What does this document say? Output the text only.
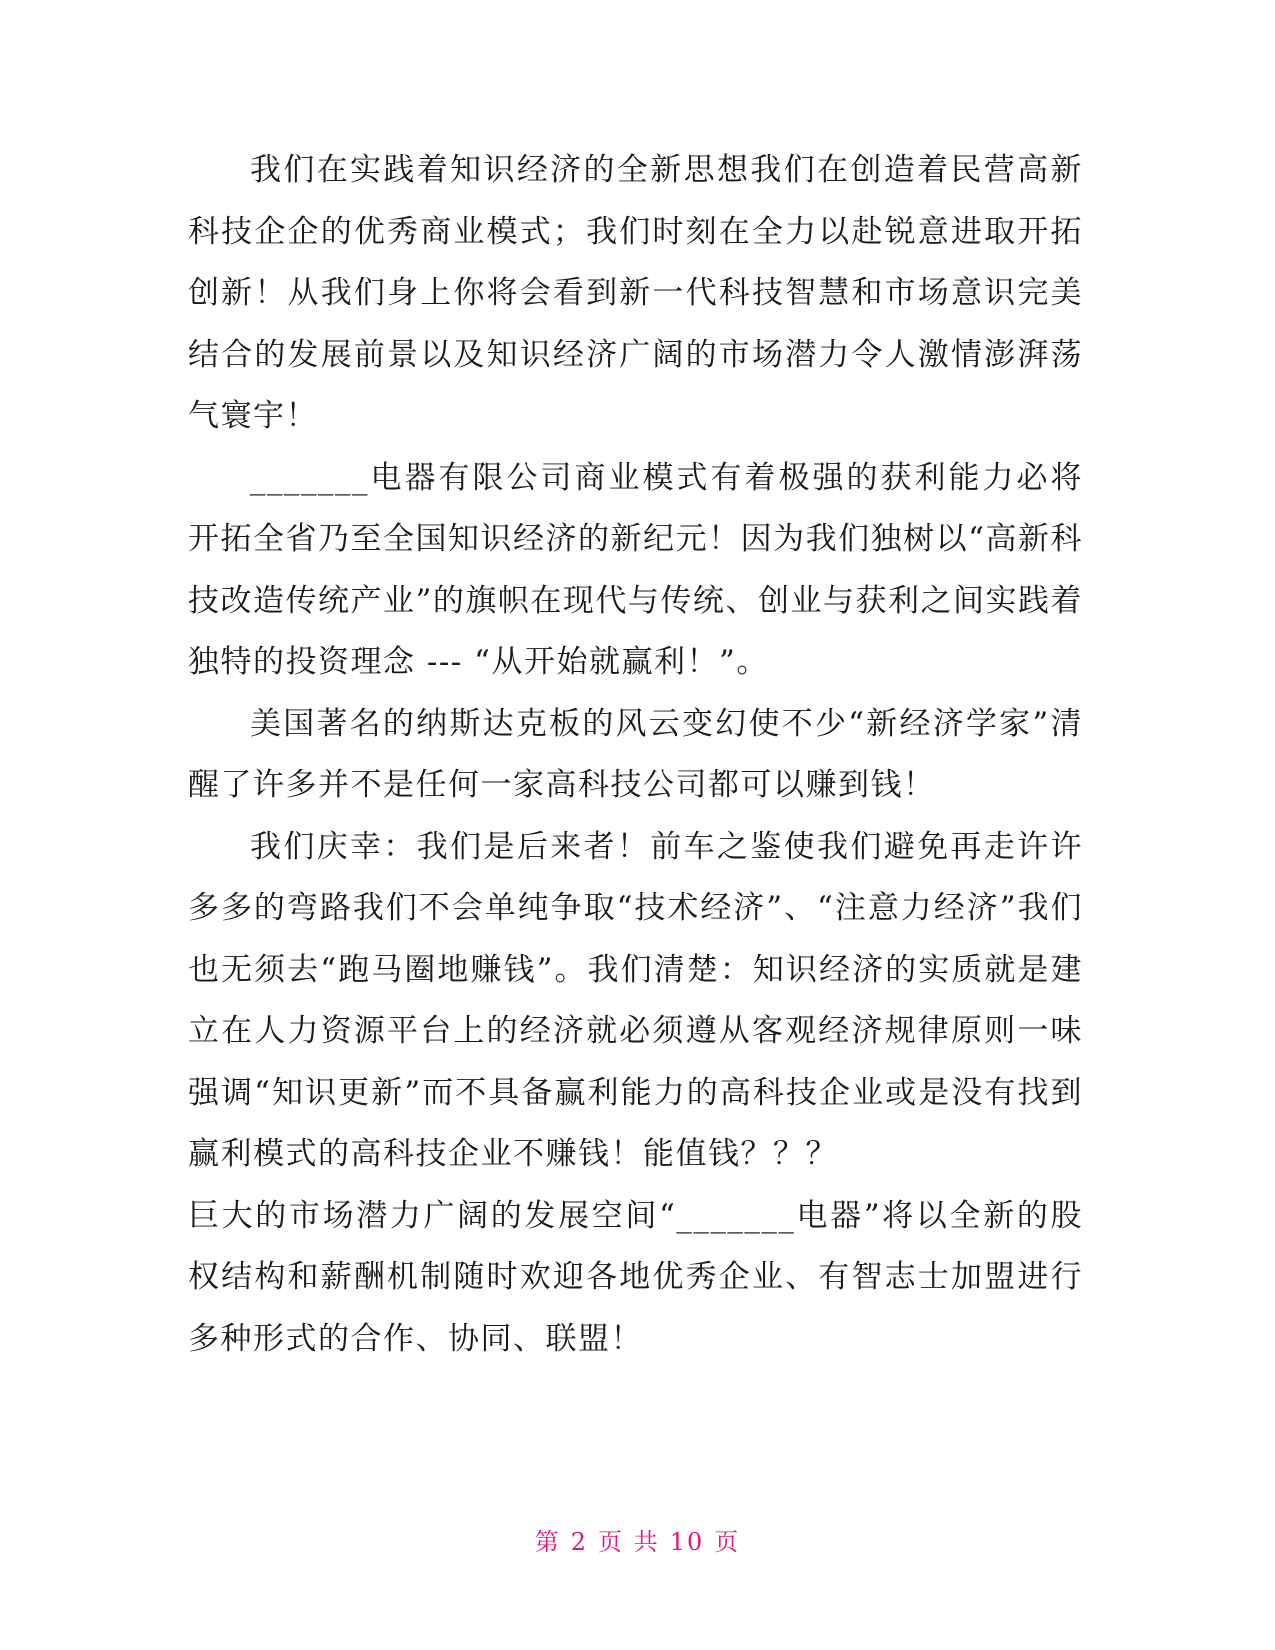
我们在实践着知识经济的全新思想我们在创造着民营高新科技企企的优秀商业模式；我们时刻在全力以赴锐意进取开拓创新！从我们身上你将会看到新一代科技智慧和市场意识完美结合的发展前景以及知识经济广阔的市场潜力令人激情澎湃荡气寰宇！

_______电器有限公司商业模式有着极强的获利能力必将开拓全省乃至全国知识经济的新纪元！因为我们独树以“高新科技改造传统产业”的旗帜在现代与传统、创业与获利之间实践着独特的投资理念 --- “从开始就赢利！”。

美国著名的纳斯达克板的风云变幻使不少“新经济学家”清醒了许多并不是任何一家高科技公司都可以赚到钱！

我们庆幸：我们是后来者！前车之鉴使我们避免再走许许多多的弯路我们不会单纯争取“技术经济”、“注意力经济”我们也无须去“跑马圈地赚钱”。我们清楚：知识经济的实质就是建立在人力资源平台上的经济就必须遵从客观经济规律原则一味强调“知识更新”而不具备赢利能力的高科技企业或是没有找到赢利模式的高科技企业不赚钱！能值钱？？？

巨大的市场潜力广阔的发展空间“_______电器”将以全新的股权结构和薪酬机制随时欢迎各地优秀企业、有智志士加盟进行多种形式的合作、协同、联盟！

第 2 页 共 10 页
